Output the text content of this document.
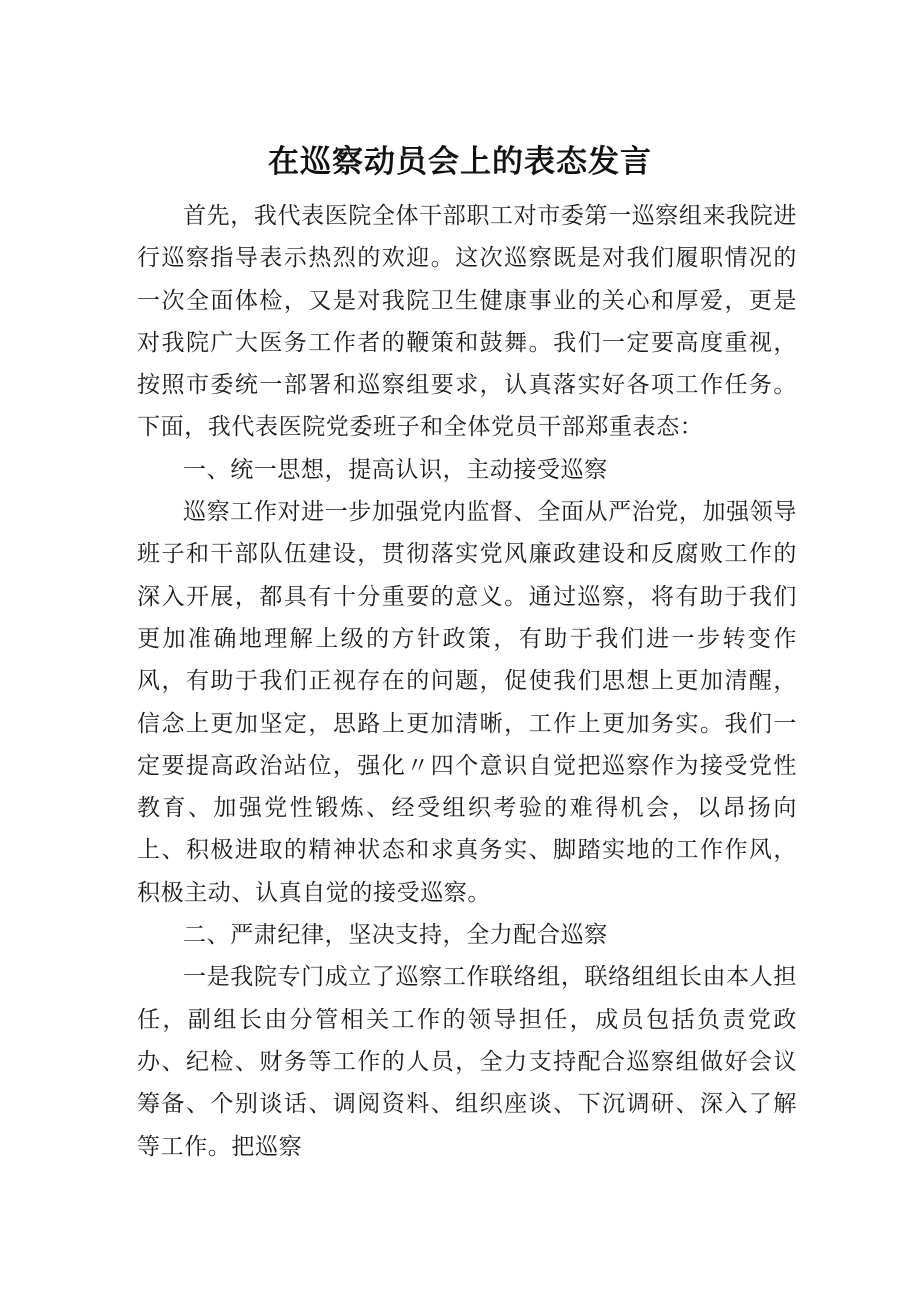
在巡察动员会上的表态发言

首先，我代表医院全体干部职工对市委第一巡察组来我院进行巡察指导表示热烈的欢迎。这次巡察既是对我们履职情况的一次全面体检，又是对我院卫生健康事业的关心和厚爱，更是对我院广大医务工作者的鞭策和鼓舞。我们一定要高度重视，按照市委统一部署和巡察组要求，认真落实好各项工作任务。下面，我代表医院党委班子和全体党员干部郑重表态：

一、统一思想，提高认识，主动接受巡察

巡察工作对进一步加强党内监督、全面从严治党，加强领导班子和干部队伍建设，贯彻落实党风廉政建设和反腐败工作的深入开展，都具有十分重要的意义。通过巡察，将有助于我们更加准确地理解上级的方针政策，有助于我们进一步转变作风，有助于我们正视存在的问题，促使我们思想上更加清醒，信念上更加坚定，思路上更加清晰，工作上更加务实。我们一定要提高政治站位，强化〃四个意识自觉把巡察作为接受党性教育、加强党性锻炼、经受组织考验的难得机会，以昂扬向上、积极进取的精神状态和求真务实、脚踏实地的工作作风，积极主动、认真自觉的接受巡察。

二、严肃纪律，坚决支持，全力配合巡察

一是我院专门成立了巡察工作联络组，联络组组长由本人担任，副组长由分管相关工作的领导担任，成员包括负责党政办、纪检、财务等工作的人员，全力支持配合巡察组做好会议筹备、个别谈话、调阅资料、组织座谈、下沉调研、深入了解等工作。把巡察
